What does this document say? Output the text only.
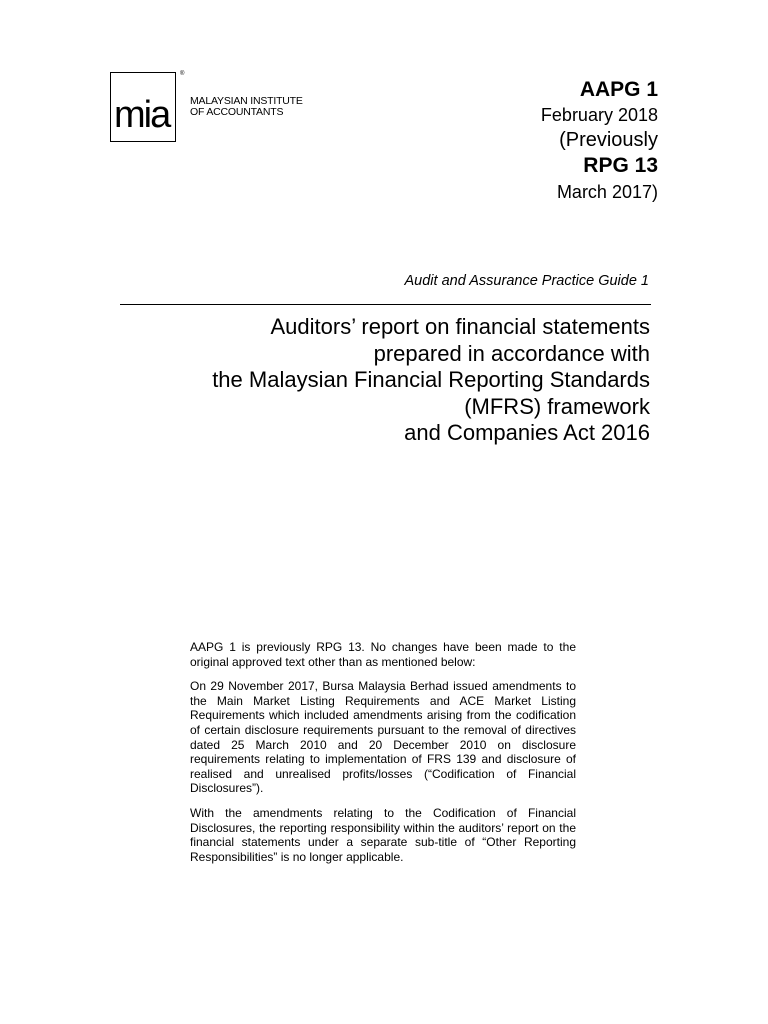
mia
®
MALAYSIAN INSTITUTE
OF ACCOUNTANTS
AAPG 1
February 2018
(Previously
RPG 13
March 2017)
Audit and Assurance Practice Guide 1
Auditors’ report on financial statements
prepared in accordance with
the Malaysian Financial Reporting Standards
(MFRS) framework
and Companies Act 2016

AAPG 1 is previously RPG 13. No changes have been made to the original approved text other than as mentioned below:

On 29 November 2017, Bursa Malaysia Berhad issued amendments to the Main Market Listing Requirements and ACE Market Listing Requirements which included amendments arising from the codification of certain disclosure requirements pursuant to the removal of directives dated 25 March 2010 and 20 December 2010 on disclosure requirements relating to implementation of FRS 139 and disclosure of realised and unrealised profits/losses (“Codification of Financial Disclosures”).

With the amendments relating to the Codification of Financial Disclosures, the reporting responsibility within the auditors’ report on the financial statements under a separate sub-title of “Other Reporting Responsibilities” is no longer applicable.
